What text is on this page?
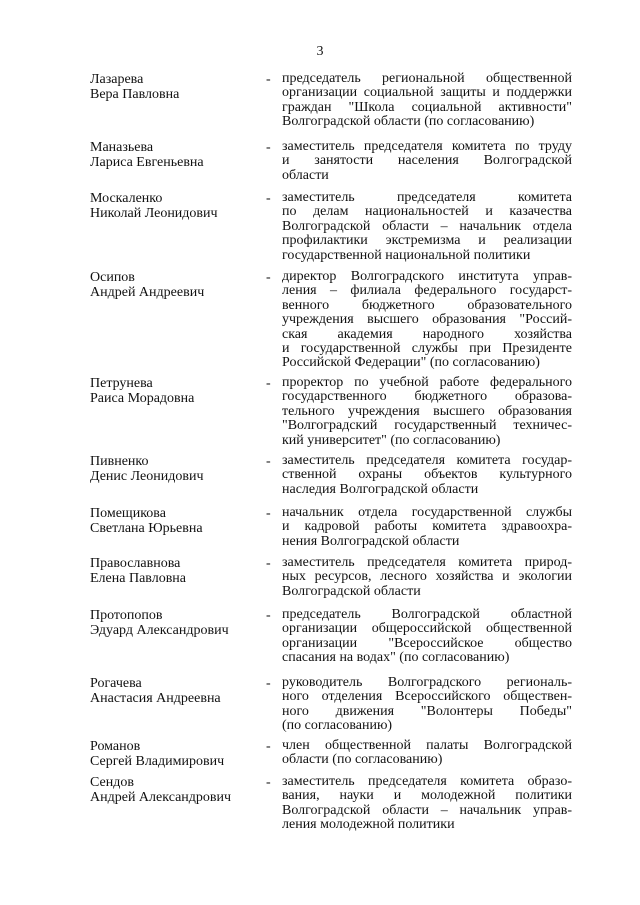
3
Лазарева
Вера Павловна
- председатель региональной общественной
организации социальной защиты и поддержки
граждан "Школа социальной активности"
Волгоградской области (по согласованию)
Маназьева
Лариса Евгеньевна
- заместитель председателя комитета по труду
и занятости населения Волгоградской
области
Москаленко
Николай Леонидович
- заместитель председателя комитета
по делам национальностей и казачества
Волгоградской области – начальник отдела
профилактики экстремизма и реализации
государственной национальной политики
Осипов
Андрей Андреевич
- директор Волгоградского института управ-
ления – филиала федерального государст-
венного бюджетного образовательного
учреждения высшего образования "Россий-
ская академия народного хозяйства
и государственной службы при Президенте
Российской Федерации" (по согласованию)
Петрунева
Раиса Морадовна
- проректор по учебной работе федерального
государственного бюджетного образова-
тельного учреждения высшего образования
"Волгоградский государственный техничес-
кий университет" (по согласованию)
Пивненко
Денис Леонидович
- заместитель председателя комитета государ-
ственной охраны объектов культурного
наследия Волгоградской области
Помещикова
Светлана Юрьевна
- начальник отдела государственной службы
и кадровой работы комитета здравоохра-
нения Волгоградской области
Православнова
Елена Павловна
- заместитель председателя комитета природ-
ных ресурсов, лесного хозяйства и экологии
Волгоградской области
Протопопов
Эдуард Александрович
- председатель Волгоградской областной
организации общероссийской общественной
организации "Всероссийское общество
спасания на водах" (по согласованию)
Рогачева
Анастасия Андреевна
- руководитель Волгоградского региональ-
ного отделения Всероссийского обществен-
ного движения "Волонтеры Победы"
(по согласованию)
Романов
Сергей Владимирович
- член общественной палаты Волгоградской
области (по согласованию)
Сендов
Андрей Александрович
- заместитель председателя комитета образо-
вания, науки и молодежной политики
Волгоградской области – начальник управ-
ления молодежной политики
